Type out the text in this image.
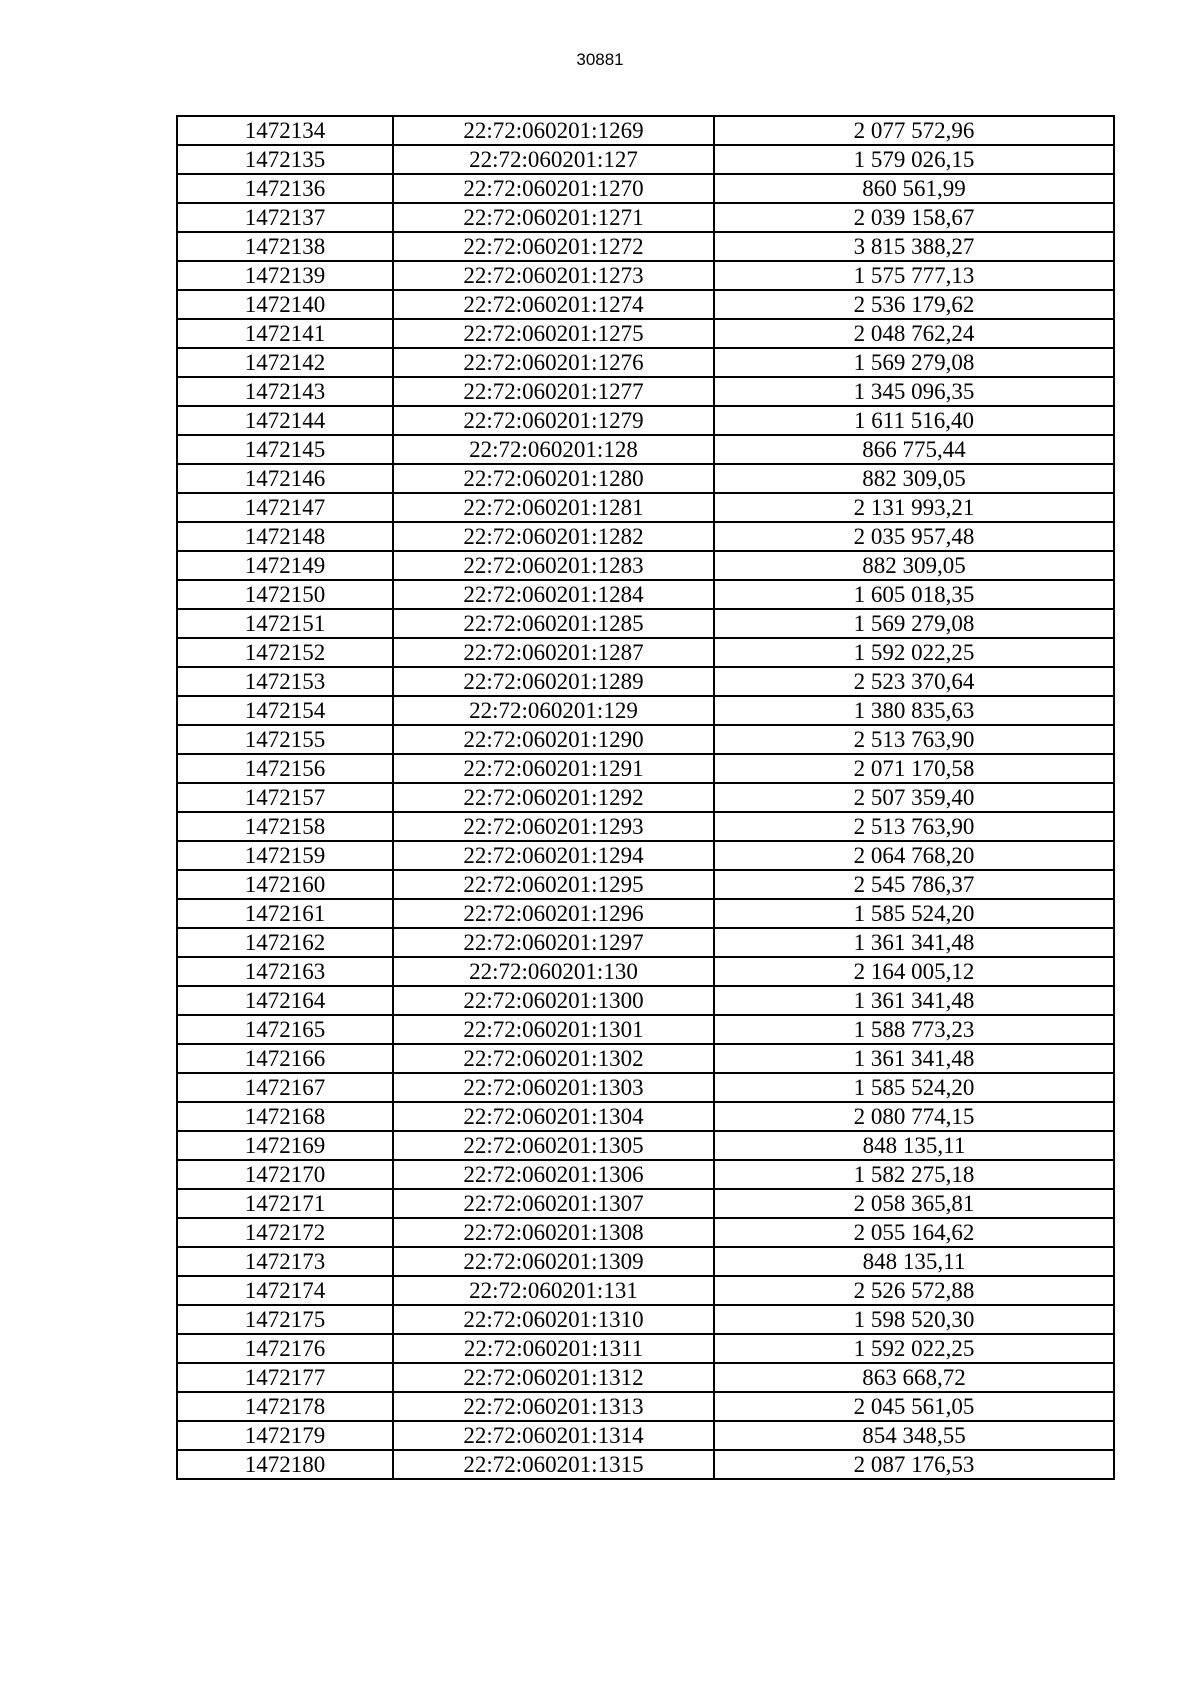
30881
1472134	22:72:060201:1269	2 077 572,96
1472135	22:72:060201:127	1 579 026,15
1472136	22:72:060201:1270	860 561,99
1472137	22:72:060201:1271	2 039 158,67
1472138	22:72:060201:1272	3 815 388,27
1472139	22:72:060201:1273	1 575 777,13
1472140	22:72:060201:1274	2 536 179,62
1472141	22:72:060201:1275	2 048 762,24
1472142	22:72:060201:1276	1 569 279,08
1472143	22:72:060201:1277	1 345 096,35
1472144	22:72:060201:1279	1 611 516,40
1472145	22:72:060201:128	866 775,44
1472146	22:72:060201:1280	882 309,05
1472147	22:72:060201:1281	2 131 993,21
1472148	22:72:060201:1282	2 035 957,48
1472149	22:72:060201:1283	882 309,05
1472150	22:72:060201:1284	1 605 018,35
1472151	22:72:060201:1285	1 569 279,08
1472152	22:72:060201:1287	1 592 022,25
1472153	22:72:060201:1289	2 523 370,64
1472154	22:72:060201:129	1 380 835,63
1472155	22:72:060201:1290	2 513 763,90
1472156	22:72:060201:1291	2 071 170,58
1472157	22:72:060201:1292	2 507 359,40
1472158	22:72:060201:1293	2 513 763,90
1472159	22:72:060201:1294	2 064 768,20
1472160	22:72:060201:1295	2 545 786,37
1472161	22:72:060201:1296	1 585 524,20
1472162	22:72:060201:1297	1 361 341,48
1472163	22:72:060201:130	2 164 005,12
1472164	22:72:060201:1300	1 361 341,48
1472165	22:72:060201:1301	1 588 773,23
1472166	22:72:060201:1302	1 361 341,48
1472167	22:72:060201:1303	1 585 524,20
1472168	22:72:060201:1304	2 080 774,15
1472169	22:72:060201:1305	848 135,11
1472170	22:72:060201:1306	1 582 275,18
1472171	22:72:060201:1307	2 058 365,81
1472172	22:72:060201:1308	2 055 164,62
1472173	22:72:060201:1309	848 135,11
1472174	22:72:060201:131	2 526 572,88
1472175	22:72:060201:1310	1 598 520,30
1472176	22:72:060201:1311	1 592 022,25
1472177	22:72:060201:1312	863 668,72
1472178	22:72:060201:1313	2 045 561,05
1472179	22:72:060201:1314	854 348,55
1472180	22:72:060201:1315	2 087 176,53
